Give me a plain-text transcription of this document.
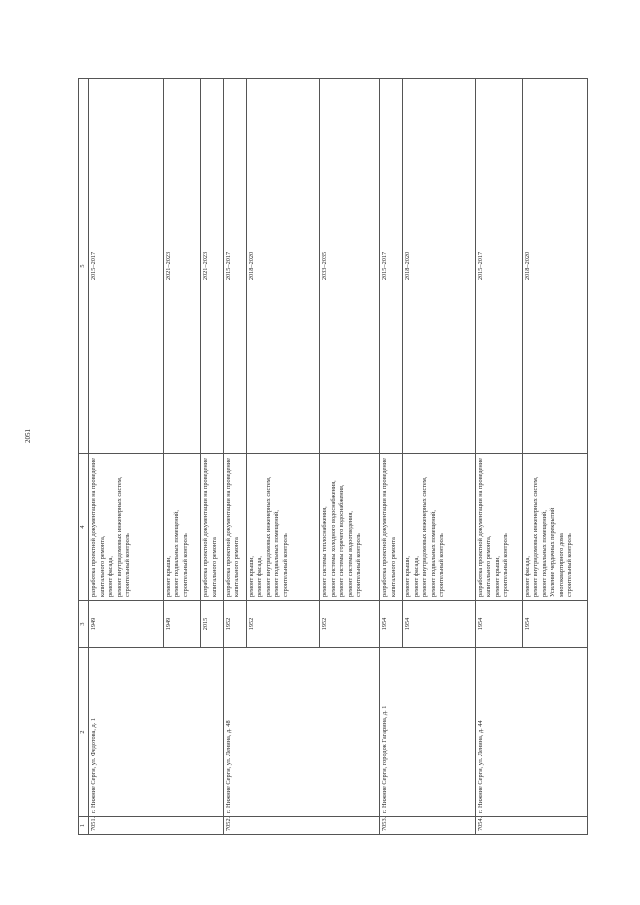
2051
1	2	3	4	5
7051.	г. Нижние Серги, ул. Федотова, д. 1	1949	разработка проектной документации на проведение капитального ремонта, ремонт фасада, ремонт внутридомовых инженерных систем, строительный контроль	2015–2017
		1949	ремонт крыши, ремонт подвальных помещений, строительный контроль	2021–2023
		2015	разработка проектной документации на проведение капитального ремонта	2021–2023
7052.	г. Нижние Серги, ул. Ленина, д. 48	1952	разработка проектной документации на проведение капитального ремонта	2015–2017
		1952	ремонт крыши, ремонт фасада, ремонт внутридомовых инженерных систем, ремонт подвальных помещений, строительный контроль	2018–2020
		1952	ремонт системы теплоснабжения, ремонт системы холодного водоснабжения, ремонт системы горячего водоснабжения, ремонт системы водоотведения, строительный контроль	2033–2035
7053.	г. Нижние Серги, городок Гагарина, д. 1	1954	разработка проектной документации на проведение капитального ремонта	2015–2017
		1954	ремонт крыши, ремонт фасада, ремонт внутридомовых инженерных систем, ремонт подвальных помещений, строительный контроль	2018–2020
7054.	г. Нижние Серги, ул. Ленина, д. 44	1954	разработка проектной документации на проведение капитального ремонта, ремонт крыши, строительный контроль	2015–2017
		1954	ремонт фасада, ремонт внутридомовых инженерных систем, ремонт подвальных помещений, Усиление чердачных перекрытий многоквартирного дома строительный контроль	2018–2020
